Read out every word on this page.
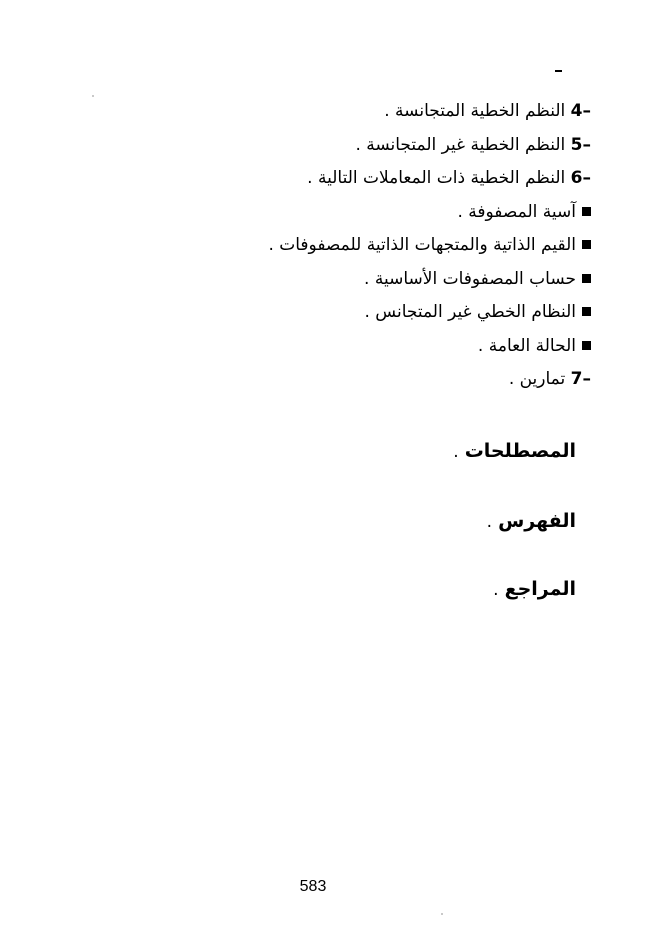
4– النظم الخطية المتجانسة .
5– النظم الخطية غير المتجانسة .
6– النظم الخطية ذات المعاملات التالية .
آسية المصفوفة .
القيم الذاتية والمتجهات الذاتية للمصفوفات .
حساب المصفوفات الأساسية .
النظام الخطي غير المتجانس .
الحالة العامة .
7– تمارين .
المصطلحات .
الفهرس .
المراجع .
583
